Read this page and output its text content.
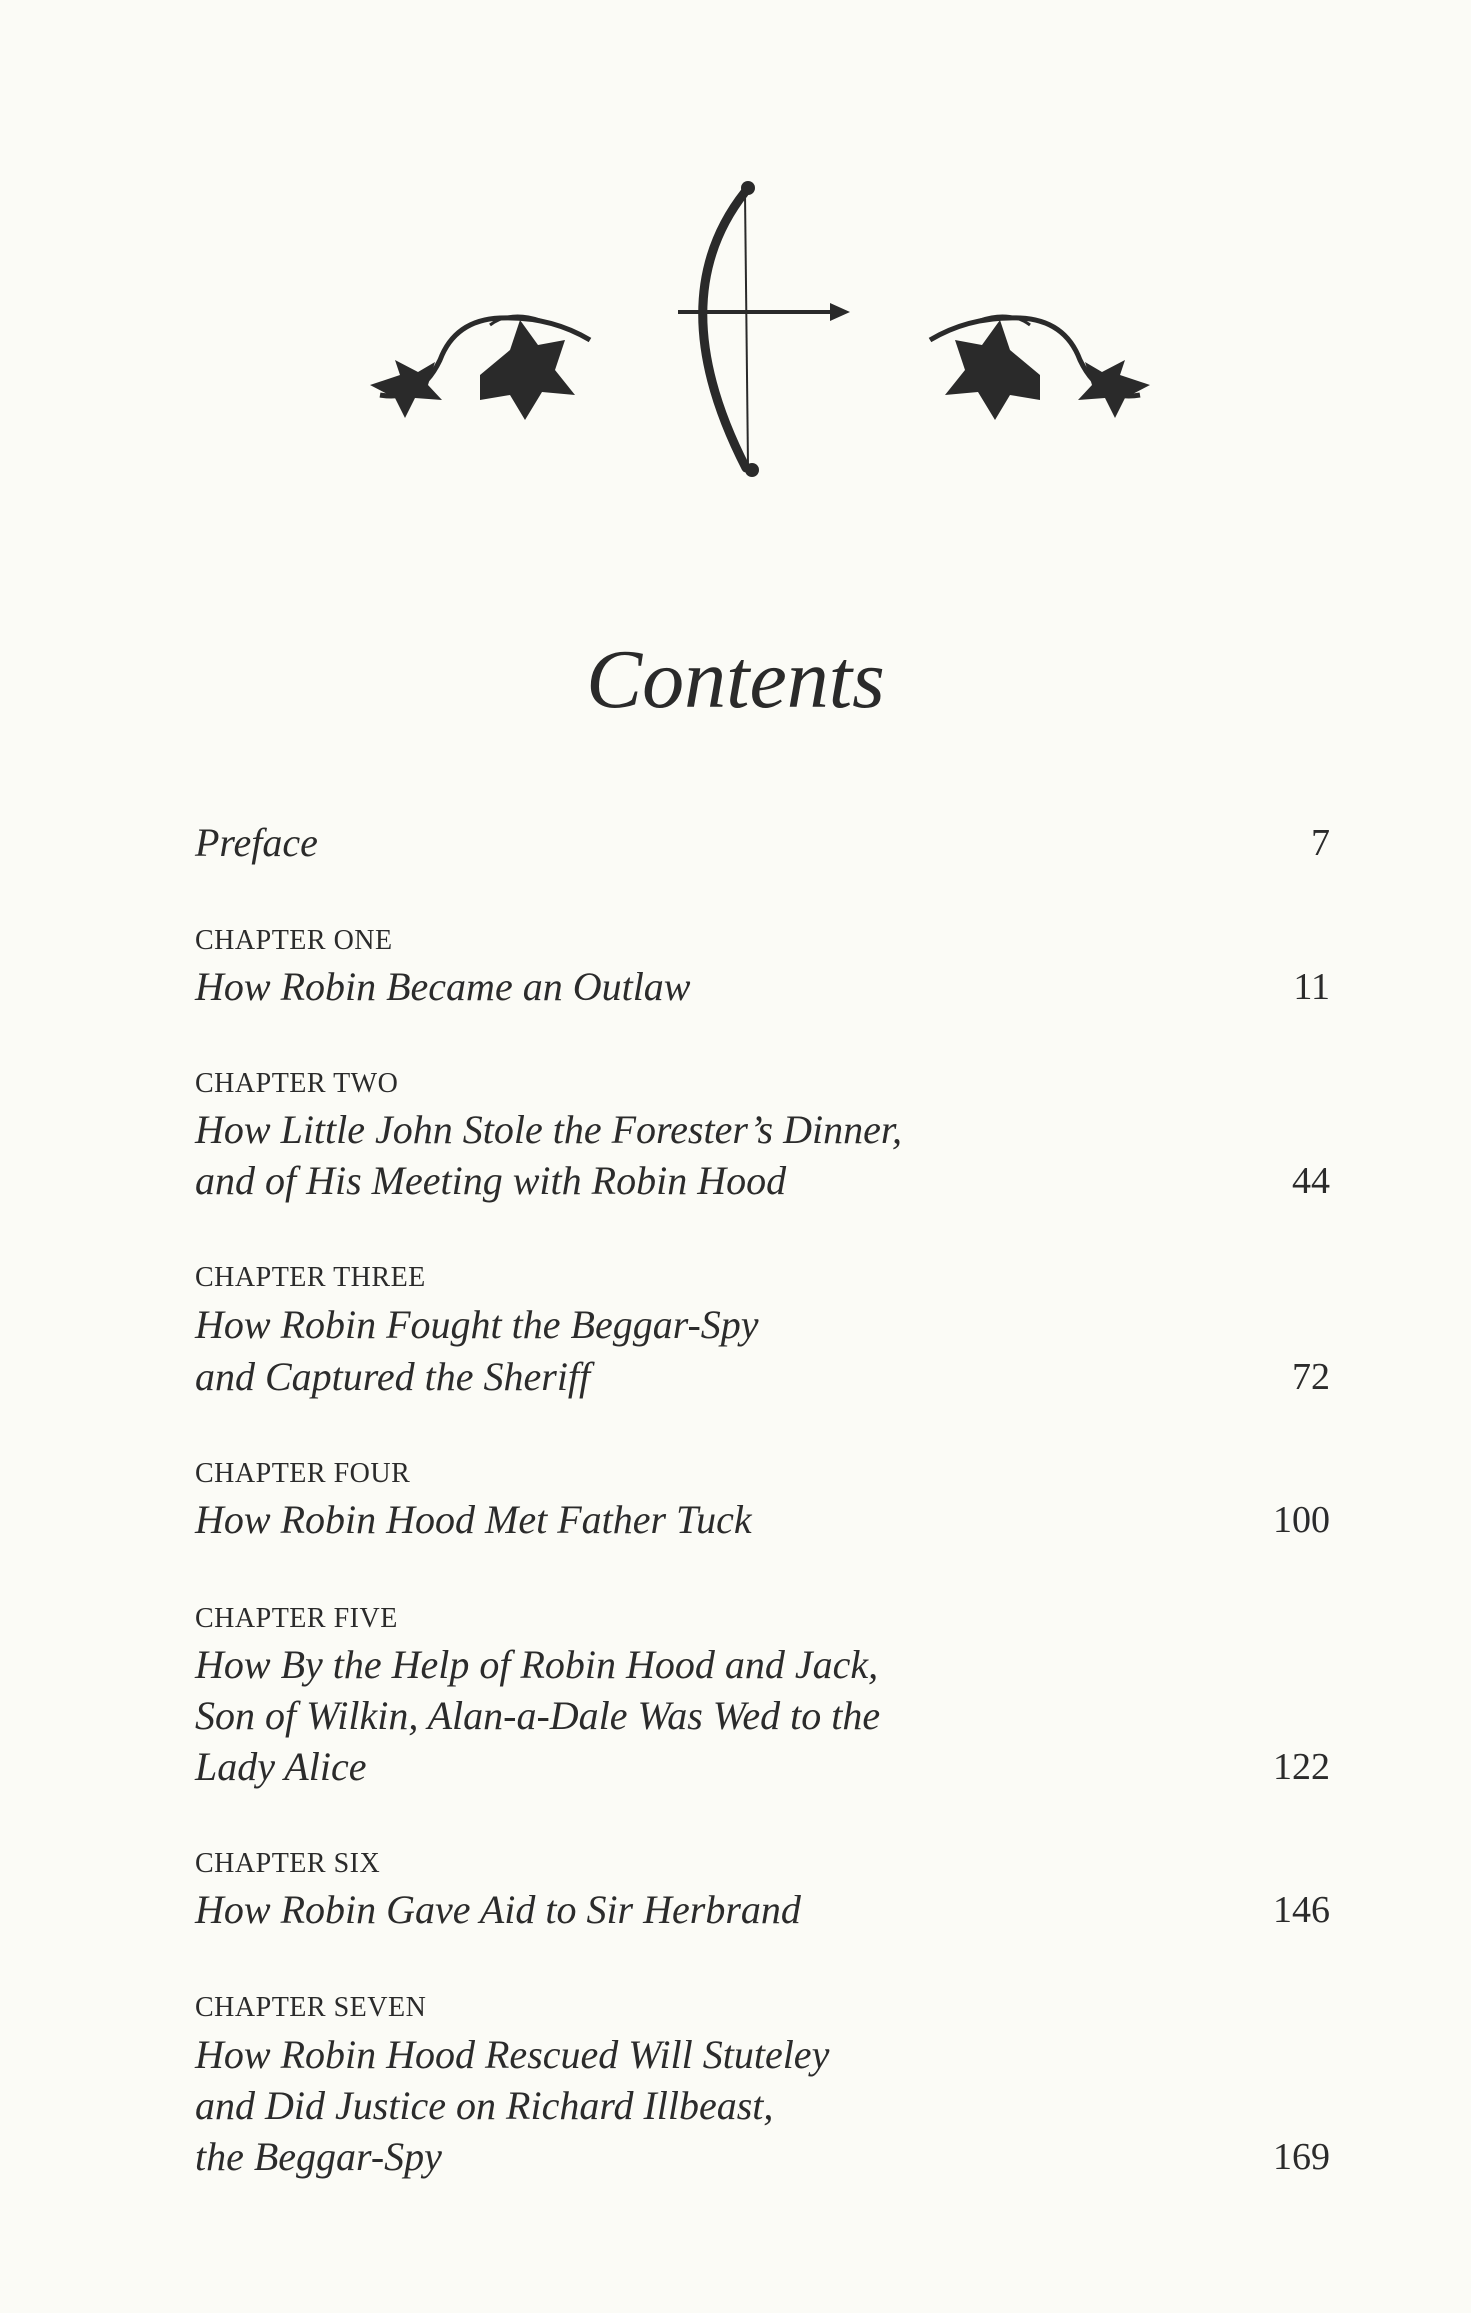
Contents
Preface	7
CHAPTER ONE
How Robin Became an Outlaw	11
CHAPTER TWO
How Little John Stole the Forester’s Dinner,
and of His Meeting with Robin Hood	44
CHAPTER THREE
How Robin Fought the Beggar-Spy
and Captured the Sheriff	72
CHAPTER FOUR
How Robin Hood Met Father Tuck	100
CHAPTER FIVE
How By the Help of Robin Hood and Jack,
Son of Wilkin, Alan-a-Dale Was Wed to the
Lady Alice	122
CHAPTER SIX
How Robin Gave Aid to Sir Herbrand	146
CHAPTER SEVEN
How Robin Hood Rescued Will Stuteley
and Did Justice on Richard Illbeast,
the Beggar-Spy	169
